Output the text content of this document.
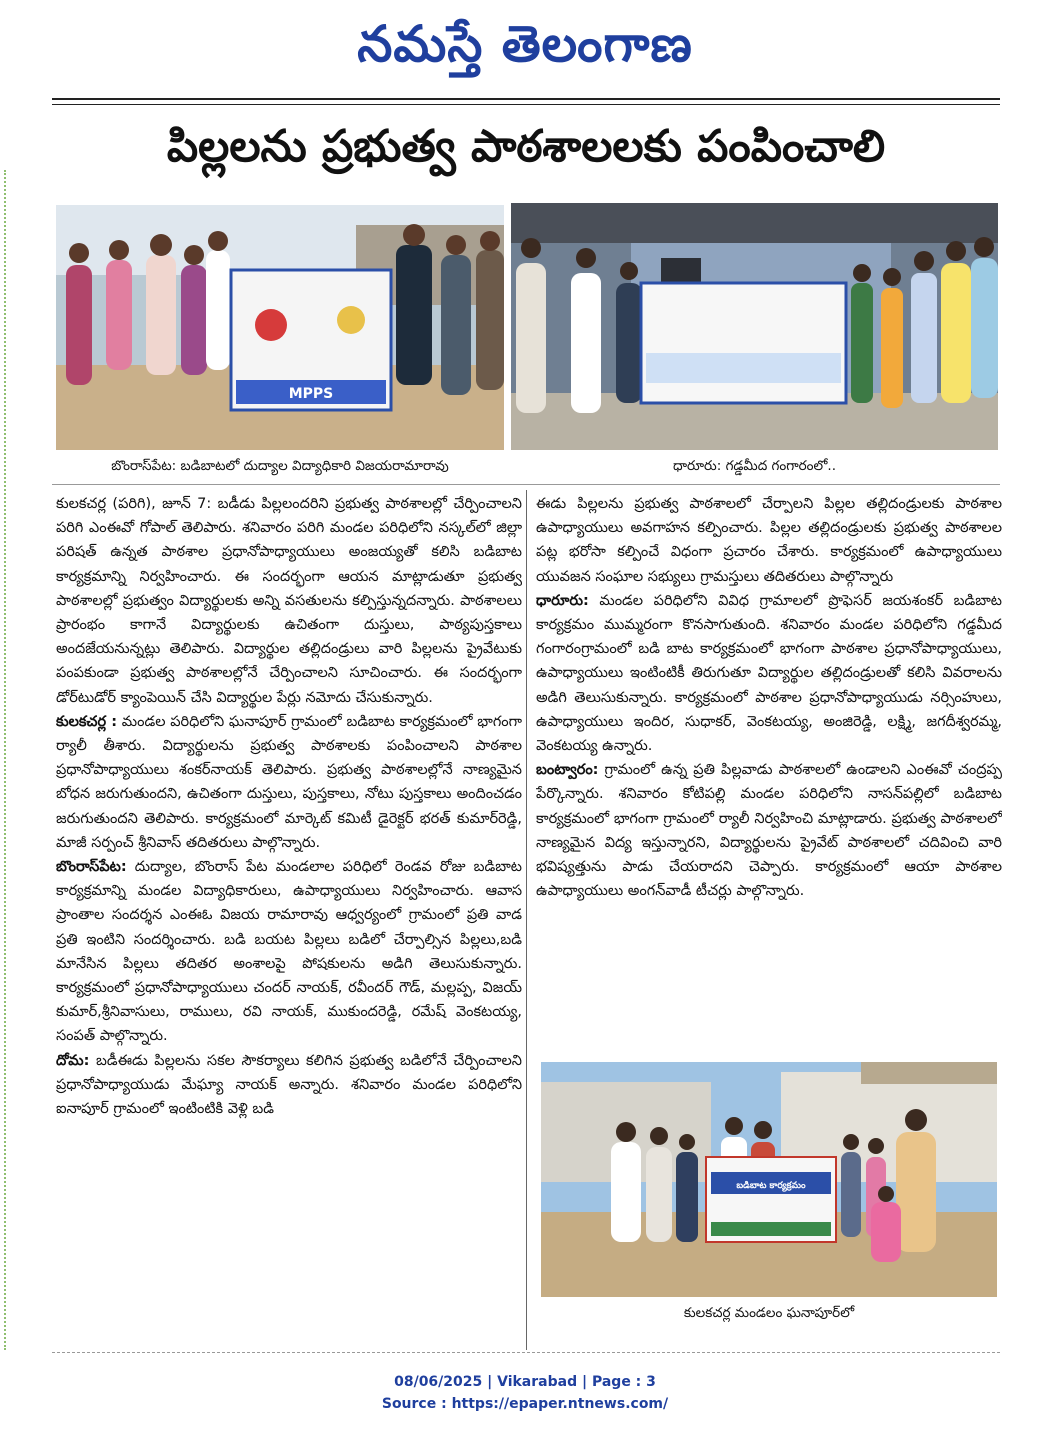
నమస్తే తెలంగాణ
పిల్లలను ప్రభుత్వ పాఠశాలలకు పంపించాలి
MPPS
బొంరాస్‌పేట: బడిబాటలో దుద్యాల విద్యాధికారి విజయరామారావు	ధారూరు: గడ్డమీద గంగారంలో..

కులకచర్ల (పరిగి), జూన్ 7: బడీడు పిల్లలందరిని ప్రభుత్వ పాఠశాలల్లో చేర్పించాలని పరిగి ఎంఈవో గోపాల్ తెలిపారు. శనివారం పరిగి మండల పరిధిలోని నస్కల్‌లో జిల్లా పరిషత్ ఉన్నత పాఠశాల ప్రధానోపాధ్యాయులు అంజయ్యతో కలిసి బడిబాట కార్యక్రమాన్ని నిర్వహించారు. ఈ సందర్భంగా ఆయన మాట్లాడుతూ ప్రభుత్వ పాఠశాలల్లో ప్రభుత్వం విద్యార్థులకు అన్ని వసతులను కల్పిస్తున్నదన్నారు. పాఠశాలలు ప్రారంభం కాగానే విద్యార్థులకు ఉచితంగా దుస్తులు, పాఠ్యపుస్తకాలు అందజేయనున్నట్లు తెలిపారు. విద్యార్థుల తల్లిదండ్రులు వారి పిల్లలను ప్రైవేటుకు పంపకుండా ప్రభుత్వ పాఠశాలల్లోనే చేర్పించాలని సూచించారు. ఈ సందర్భంగా డోర్‌టుడోర్ క్యాంపెయిన్ చేసి విద్యార్థుల పేర్లు నమోదు చేసుకున్నారు.

కులకచర్ల : మండల పరిధిలోని ఘనాపూర్ గ్రామంలో బడిబాట కార్యక్రమంలో భాగంగా ర్యాలీ తీశారు. విద్యార్థులను ప్రభుత్వ పాఠశాలకు పంపించాలని పాఠశాల ప్రధానోపాధ్యాయులు శంకర్‌నాయక్ తెలిపారు. ప్రభుత్వ పాఠశాలల్లోనే నాణ్యమైన బోధన జరుగుతుందని, ఉచితంగా దుస్తులు, పుస్తకాలు, నోటు పుస్తకాలు అందించడం జరుగుతుందని తెలిపారు. కార్యక్రమంలో మార్కెట్ కమిటీ డైరెక్టర్ భరత్ కుమార్‌రెడ్డి, మాజీ సర్పంచ్ శ్రీనివాస్ తదితరులు పాల్గొన్నారు.

బొంరాస్‌పేట: దుద్యాల, బొంరాస్ పేట మండలాల పరిధిలో రెండవ రోజు బడిబాట కార్యక్రమాన్ని మండల విద్యాధికారులు, ఉపాధ్యాయులు నిర్వహించారు. ఆవాస ప్రాంతాల సందర్శన ఎంఈఓ విజయ రామారావు ఆధ్వర్యంలో గ్రామంలో ప్రతి వాడ ప్రతి ఇంటిని సందర్శించారు. బడి బయట పిల్లలు బడిలో చేర్పాల్సిన పిల్లలు,బడి మానేసిన పిల్లలు తదితర అంశాలపై పోషకులను అడిగి తెలుసుకున్నారు. కార్యక్రమంలో ప్రధానోపాధ్యాయులు చందర్ నాయక్, రవీందర్ గౌడ్, మల్లప్ప, విజయ్ కుమార్,శ్రీనివాసులు, రాములు, రవి నాయక్, ముకుందరెడ్డి, రమేష్ వెంకటయ్య, సంపత్ పాల్గొన్నారు.

దోమ: బడీఈడు పిల్లలను సకల సౌకర్యాలు కలిగిన ప్రభుత్వ బడిలోనే చేర్పించాలని ప్రధానోపాధ్యాయుడు మేఘ్యా నాయక్ అన్నారు. శనివారం మండల పరిధిలోని ఐనాపూర్ గ్రామంలో ఇంటింటికి వెళ్లి బడి

ఈడు పిల్లలను ప్రభుత్వ పాఠశాలలో చేర్పాలని పిల్లల తల్లిదండ్రులకు పాఠశాల ఉపాధ్యాయులు అవగాహన కల్పించారు. పిల్లల తల్లిదండ్రులకు ప్రభుత్వ పాఠశాలల పట్ల భరోసా కల్పించే విధంగా ప్రచారం చేశారు. కార్యక్రమంలో ఉపాధ్యాయులు యువజన సంఘాల సభ్యులు గ్రామస్తులు తదితరులు పాల్గొన్నారు

ధారూరు: మండల పరిధిలోని వివిధ గ్రామాలలో ప్రొఫెసర్ జయశంకర్ బడిబాట కార్యక్రమం ముమ్మరంగా కొనసాగుతుంది. శనివారం మండల పరిధిలోని గడ్డమీద గంగారంగ్రామంలో బడి బాట కార్యక్రమంలో భాగంగా పాఠశాల ప్రధానోపాధ్యాయులు, ఉపాధ్యాయులు ఇంటింటికీ తిరుగుతూ విద్యార్థుల తల్లిదండ్రులతో కలిసి వివరాలను అడిగి తెలుసుకున్నారు. కార్యక్రమంలో పాఠశాల ప్రధానోపాధ్యాయుడు నర్సింహులు, ఉపాధ్యాయులు ఇందిర, సుధాకర్, వెంకటయ్య, అంజిరెడ్డి, లక్ష్మి, జగదీశ్వరమ్మ, వెంకటయ్య ఉన్నారు.

బంట్వారం: గ్రామంలో ఉన్న ప్రతి పిల్లవాడు పాఠశాలలో ఉండాలని ఎంఈవో చంద్రప్ప పేర్కొన్నారు. శనివారం కోటిపల్లి మండల పరిధిలోని నాసన్‌పల్లిలో బడిబాట కార్యక్రమంలో భాగంగా గ్రామంలో ర్యాలీ నిర్వహించి మాట్లాడారు. ప్రభుత్వ పాఠశాలలో నాణ్యమైన విద్య ఇస్తున్నారని, విద్యార్థులను ప్రైవేట్ పాఠశాలలో చదివించి వారి భవిష్యత్తును పాడు చేయరాదని చెప్పారు. కార్యక్రమంలో ఆయా పాఠశాల ఉపాధ్యాయులు అంగన్‌వాడీ టీచర్లు పాల్గొన్నారు.

బడిబాట కార్యక్రమం
కులకచర్ల మండలం ఘనాపూర్‌లో
08/06/2025 | Vikarabad | Page : 3
Source : https://epaper.ntnews.com/
